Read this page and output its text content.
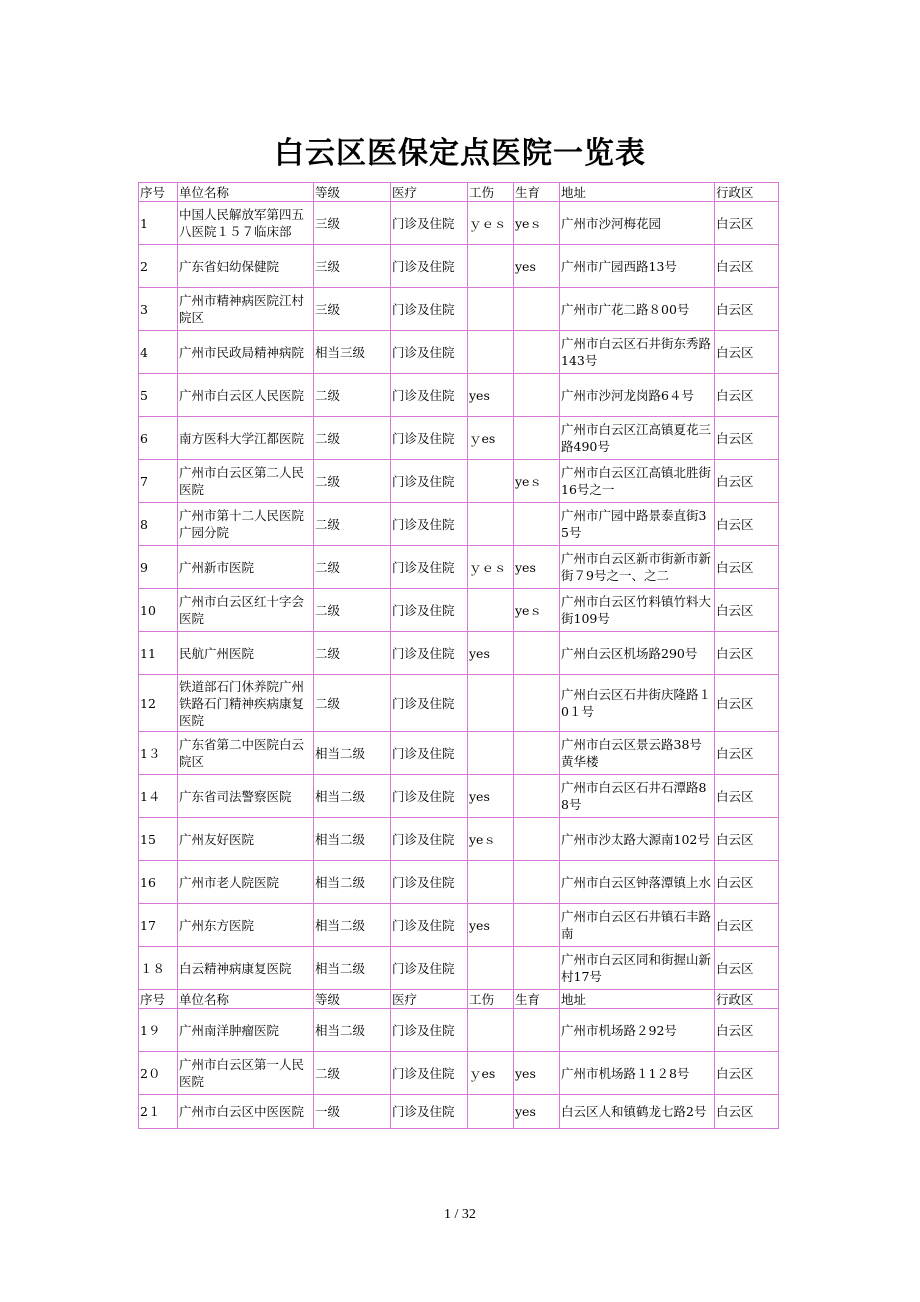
白云区医保定点医院一览表
序号	单位名称	等级	医疗	工伤	生育	地址	行政区
1	中国人民解放军第四五八医院１５７临床部	三级	门诊及住院	ｙｅｓ	yeｓ	广州市沙河梅花园	白云区
2	广东省妇幼保健院	三级	门诊及住院		yes	广州市广园西路13号	白云区
3	广州市精神病医院江村院区	三级	门诊及住院			广州市广花二路８00号	白云区
4	广州市民政局精神病院	相当三级	门诊及住院			广州市白云区石井街东秀路143号	白云区
5	广州市白云区人民医院	二级	门诊及住院	yes		广州市沙河龙岗路6４号	白云区
6	南方医科大学江都医院	二级	门诊及住院	ｙes		广州市白云区江高镇夏花三路490号	白云区
7	广州市白云区第二人民医院	二级	门诊及住院		yeｓ	广州市白云区江高镇北胜街16号之一	白云区
8	广州市第十二人民医院广园分院	二级	门诊及住院			广州市广园中路景泰直街35号	白云区
9	广州新市医院	二级	门诊及住院	ｙｅｓ	yes	广州市白云区新市街新市新街７9号之一、之二	白云区
10	广州市白云区红十字会医院	二级	门诊及住院		yeｓ	广州市白云区竹料镇竹料大街109号	白云区
11	民航广州医院	二级	门诊及住院	yes		广州白云区机场路290号	白云区
12	铁道部石门休养院广州铁路石门精神疾病康复医院	二级	门诊及住院			广州白云区石井街庆隆路１0１号	白云区
1３	广东省第二中医院白云院区	相当二级	门诊及住院			广州市白云区景云路38号黄华楼	白云区
1４	广东省司法警察医院	相当二级	门诊及住院	yes		广州市白云区石井石潭路88号	白云区
15	广州友好医院	相当二级	门诊及住院	yeｓ		广州市沙太路大源南102号	白云区
16	广州市老人院医院	相当二级	门诊及住院			广州市白云区钟落潭镇上水	白云区
17	广州东方医院	相当二级	门诊及住院	yes		广州市白云区石井镇石丰路南	白云区
１８	白云精神病康复医院	相当二级	门诊及住院			广州市白云区同和街握山新村17号	白云区
序号	单位名称	等级	医疗	工伤	生育	地址	行政区
1９	广州南洋肿瘤医院	相当二级	门诊及住院			广州市机场路２92号	白云区
2０	广州市白云区第一人民医院	二级	门诊及住院	ｙes	yes	广州市机场路１1２8号	白云区
2１	广州市白云区中医医院	一级	门诊及住院		yes	白云区人和镇鹤龙七路2号	白云区
1 / 32
